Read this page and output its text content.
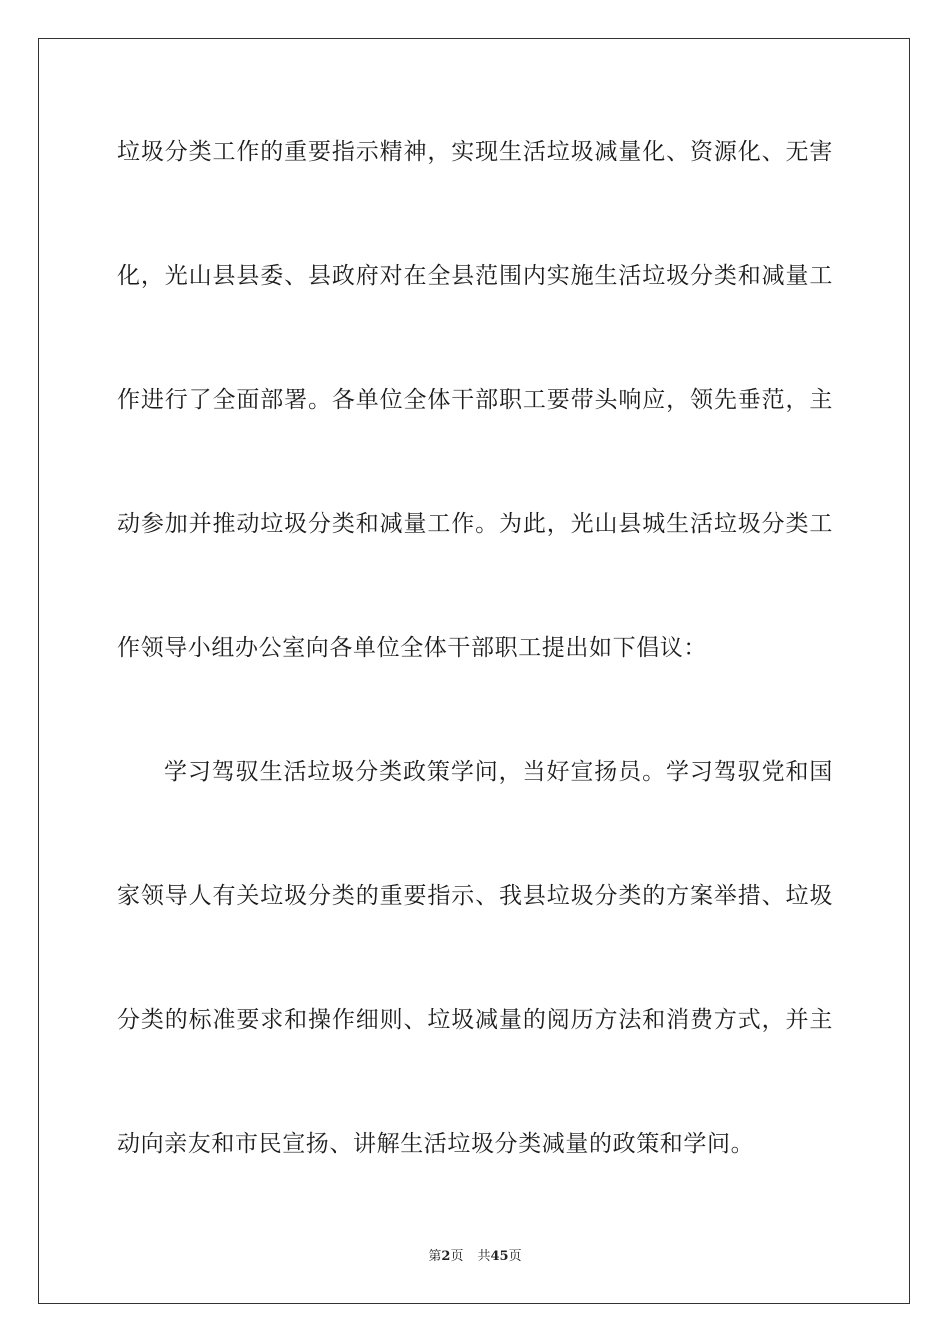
垃圾分类工作的重要指示精神，实现生活垃圾减量化、资源化、无害
化，光山县县委、县政府对在全县范围内实施生活垃圾分类和减量工
作进行了全面部署。各单位全体干部职工要带头响应，领先垂范，主
动参加并推动垃圾分类和减量工作。为此，光山县城生活垃圾分类工
作领导小组办公室向各单位全体干部职工提出如下倡议：
学习驾驭生活垃圾分类政策学问，当好宣扬员。学习驾驭党和国
家领导人有关垃圾分类的重要指示、我县垃圾分类的方案举措、垃圾
分类的标准要求和操作细则、垃圾减量的阅历方法和消费方式，并主
动向亲友和市民宣扬、讲解生活垃圾分类减量的政策和学问。
第2页 共45页
